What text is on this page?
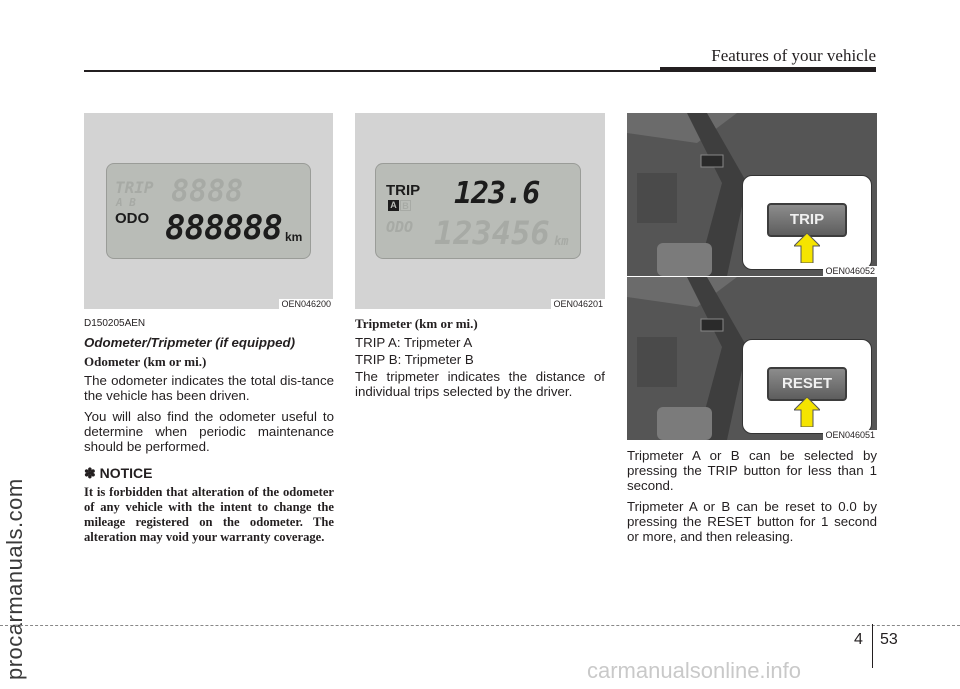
Features of your vehicle
procarmanuals.com	carmanualsonline.info
TRIP
A B 8888
ODO 888888 km
OEN046200
TRIP
A B 123.6
ODO 123456 km
OEN046201
TRIP
OEN046052
RESET
OEN046051
D150205AEN
Odometer/Tripmeter (if equipped)
Odometer (km or mi.)
The odometer indicates the total dis-tance the vehicle has been driven.
You will also find the odometer useful to determine when periodic maintenance should be performed.
✽ NOTICE
It is forbidden that alteration of the odometer of any vehicle with the intent to change the mileage registered on the odometer. The alteration may void your warranty coverage.
Tripmeter (km or mi.)
TRIP A: Tripmeter A
TRIP B: Tripmeter B
The tripmeter indicates the distance of individual trips selected by the driver.
Tripmeter A or B can be selected by pressing the TRIP button for less than 1 second.
Tripmeter A or B can be reset to 0.0 by pressing the RESET button for 1 second or more, and then releasing.
4 53
